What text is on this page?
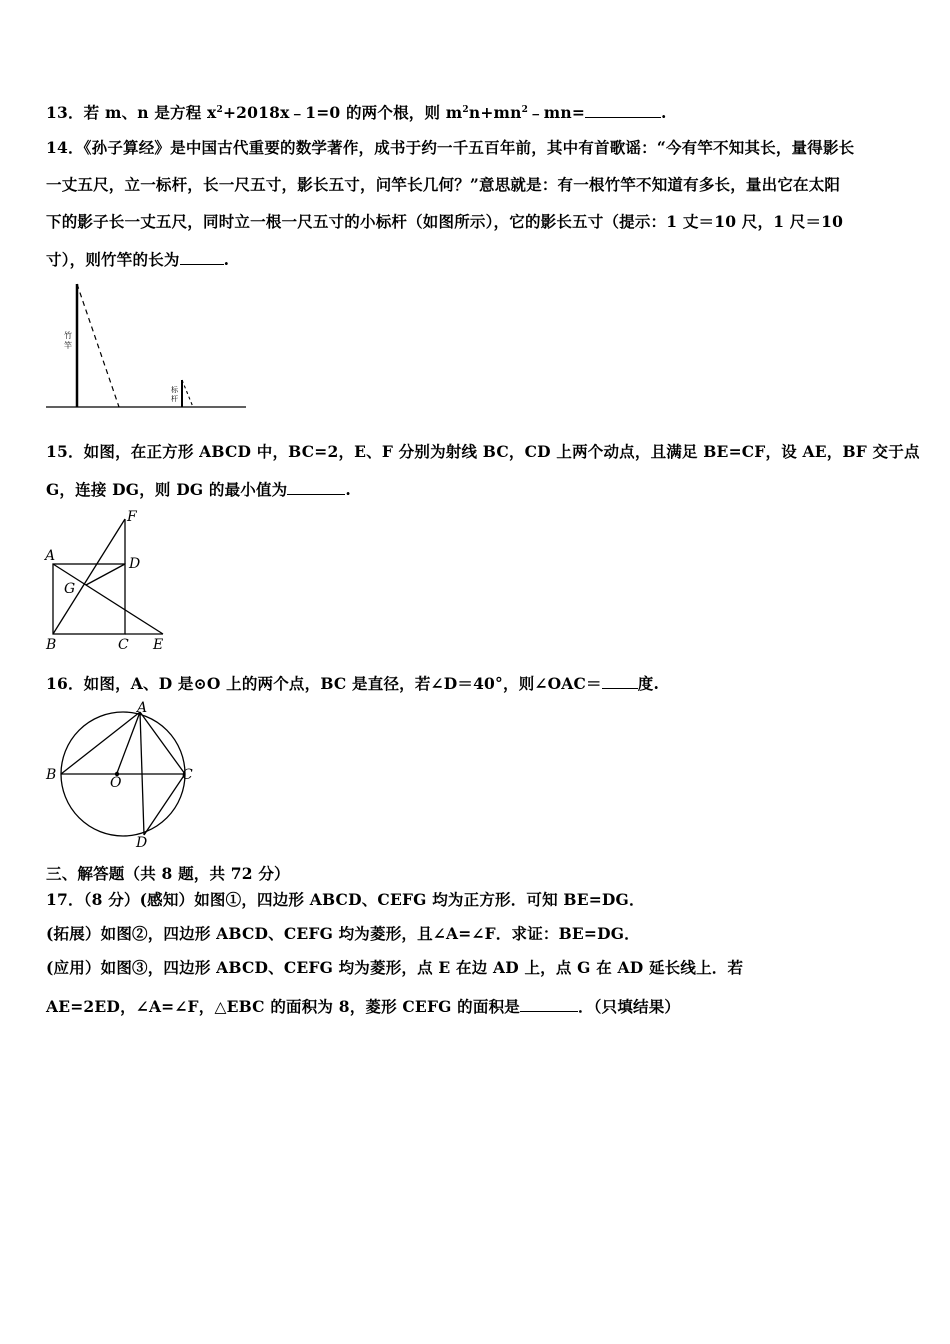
13．若 m、n 是方程 $x^2+2018x﹣1=0$ 的两个根，则 $m^2n+mn^2﹣mn=$	.
14．《孙子算经》是中国古代重要的数学著作，成书于约一千五百年前，其中有首歌谣：“今有竿不知其长，量得影长
一丈五尺，立一标杆，长一尺五寸，影长五寸，问竿长几何？”意思就是：有一根竹竿不知道有多长，量出它在太阳
下的影子长一丈五尺，同时立一根一尺五寸的小标杆（如图所示），它的影长五寸（提示：1 丈＝10 尺，1 尺＝10
寸），则竹竿的长为	.
竹 竿
标 杆
15．如图，在正方形 ABCD 中，BC=2，E、F 分别为射线 BC，CD 上两个动点，且满足 BE=CF，设 AE，BF 交于点
G，连接 DG，则 DG 的最小值为	.
A
F
D
G
B	C E
16．如图，A、D 是⊙O 上的两个点，BC 是直径，若∠D＝40°，则∠OAC＝ 度.
A
B	C
O
D
三、解答题（共 8 题，共 72 分）
17．（8 分）(感知）如图①，四边形 ABCD、CEFG 均为正方形．可知 BE=DG．
(拓展）如图②，四边形 ABCD、CEFG 均为菱形，且∠A=∠F．求证：BE=DG．
(应用）如图③，四边形 ABCD、CEFG 均为菱形，点 E 在边 AD 上，点 G 在 AD 延长线上．若
AE=2ED，∠A=∠F，△EBC 的面积为 8，菱形 CEFG 的面积是	．（只填结果）
